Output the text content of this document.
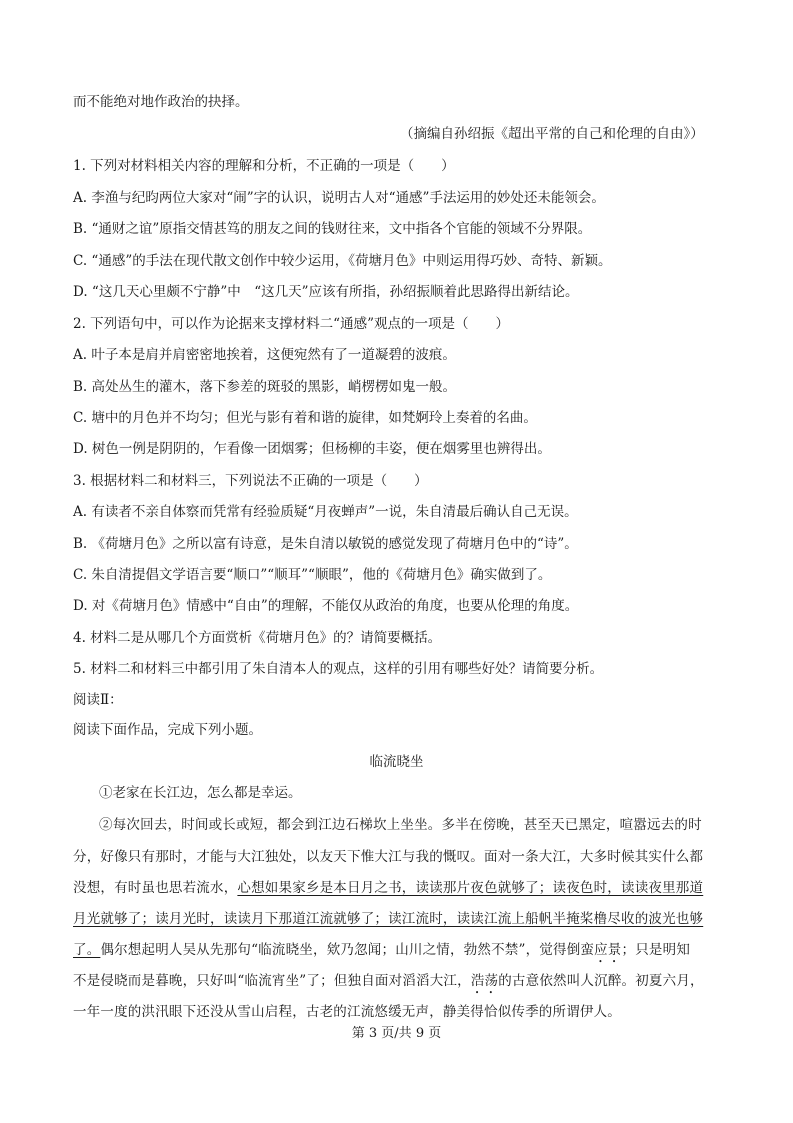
而不能绝对地作政治的抉择。
（摘编自孙绍振《超出平常的自己和伦理的自由》）
1. 下列对材料相关内容的理解和分析，不正确的一项是（　　）
A. 李渔与纪昀两位大家对“闹”字的认识，说明古人对“通感”手法运用的妙处还未能领会。
B. “通财之谊”原指交情甚笃的朋友之间的钱财往来，文中指各个官能的领域不分界限。
C. “通感”的手法在现代散文创作中较少运用，《荷塘月色》中则运用得巧妙、奇特、新颖。
D. “这几天心里颇不宁静”中　“这几天”应该有所指，孙绍振顺着此思路得出新结论。
2. 下列语句中，可以作为论据来支撑材料二“通感”观点的一项是（　　）
A. 叶子本是肩并肩密密地挨着，这便宛然有了一道凝碧的波痕。
B. 高处丛生的灌木，落下参差的斑驳的黑影，峭楞楞如鬼一般。
C. 塘中的月色并不均匀；但光与影有着和谐的旋律，如梵婀玲上奏着的名曲。
D. 树色一例是阴阴的，乍看像一团烟雾；但杨柳的丰姿，便在烟雾里也辨得出。
3. 根据材料二和材料三，下列说法不正确的一项是（　　）
A. 有读者不亲自体察而凭常有经验质疑“月夜蝉声”一说，朱自清最后确认自己无误。
B. 《荷塘月色》之所以富有诗意，是朱自清以敏锐的感觉发现了荷塘月色中的“诗”。
C. 朱自清提倡文学语言要“顺口”“顺耳”“顺眼”，他的《荷塘月色》确实做到了。
D. 对《荷塘月色》情感中“自由”的理解，不能仅从政治的角度，也要从伦理的角度。
4. 材料二是从哪几个方面赏析《荷塘月色》的？请简要概括。
5. 材料二和材料三中都引用了朱自清本人的观点，这样的引用有哪些好处？请简要分析。
阅读Ⅱ：
阅读下面作品，完成下列小题。
临流晓坐
①老家在长江边，怎么都是幸运。
②每次回去，时间或长或短，都会到江边石梯坎上坐坐。多半在傍晚，甚至天已黑定，喧嚣远去的时
分，好像只有那时，才能与大江独处，以友天下惟大江与我的慨叹。面对一条大江，大多时候其实什么都
没想，有时虽也思若流水，心想如果家乡是本日月之书，读读那片夜色就够了；读夜色时，读读夜里那道
月光就够了；读月光时，读读月下那道江流就够了；读江流时，读读江流上船帆半掩桨橹尽收的波光也够
了。偶尔想起明人吴从先那句“临流晓坐，欸乃忽闻；山川之情，勃然不禁”，觉得倒蛮应景；只是明知
不是侵晓而是暮晚，只好叫“临流宵坐”了；但独自面对滔滔大江，浩荡的古意依然叫人沉醉。初夏六月，
一年一度的洪汛眼下还没从雪山启程，古老的江流悠缓无声，静美得恰似传季的所谓伊人。
第 3 页/共 9 页
